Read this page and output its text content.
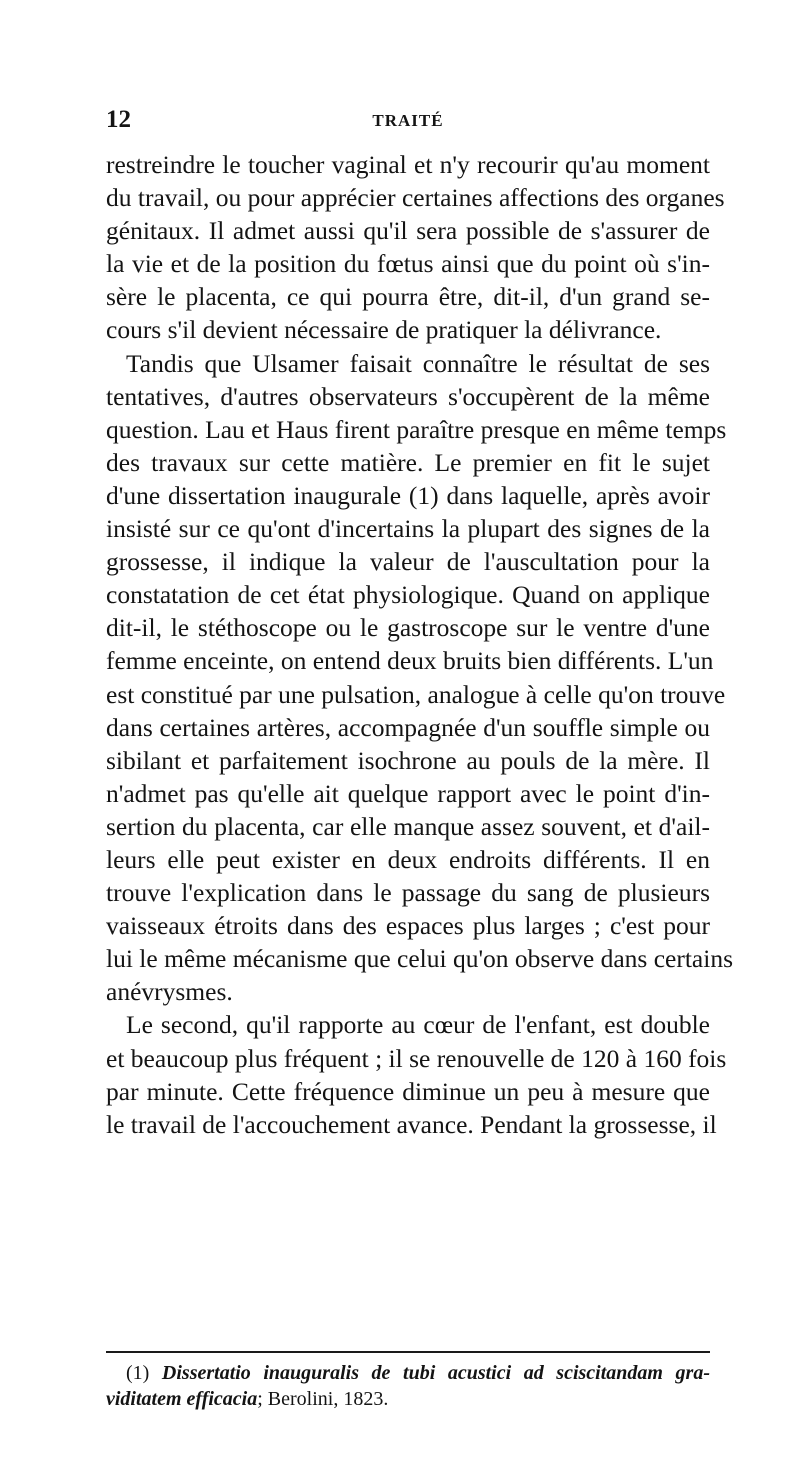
12	TRAITÉ
restreindre le toucher vaginal et n'y recourir qu'au moment
du travail, ou pour apprécier certaines affections des organes
génitaux. Il admet aussi qu'il sera possible de s'assurer de
la vie et de la position du fœtus ainsi que du point où s'in-
sère le placenta, ce qui pourra être, dit-il, d'un grand se-
cours s'il devient nécessaire de pratiquer la délivrance.
Tandis que Ulsamer faisait connaître le résultat de ses
tentatives, d'autres observateurs s'occupèrent de la même
question. Lau et Haus firent paraître presque en même temps
des travaux sur cette matière. Le premier en fit le sujet
d'une dissertation inaugurale (1) dans laquelle, après avoir
insisté sur ce qu'ont d'incertains la plupart des signes de la
grossesse, il indique la valeur de l'auscultation pour la
constatation de cet état physiologique. Quand on applique
dit-il, le stéthoscope ou le gastroscope sur le ventre d'une
femme enceinte, on entend deux bruits bien différents. L'un
est constitué par une pulsation, analogue à celle qu'on trouve
dans certaines artères, accompagnée d'un souffle simple ou
sibilant et parfaitement isochrone au pouls de la mère. Il
n'admet pas qu'elle ait quelque rapport avec le point d'in-
sertion du placenta, car elle manque assez souvent, et d'ail-
leurs elle peut exister en deux endroits différents. Il en
trouve l'explication dans le passage du sang de plusieurs
vaisseaux étroits dans des espaces plus larges ; c'est pour
lui le même mécanisme que celui qu'on observe dans certains
anévrysmes.
Le second, qu'il rapporte au cœur de l'enfant, est double
et beaucoup plus fréquent ; il se renouvelle de 120 à 160 fois
par minute. Cette fréquence diminue un peu à mesure que
le travail de l'accouchement avance. Pendant la grossesse, il
(1) Dissertatio inauguralis de tubi acustici ad sciscitandam gra-
viditatem efficacia; Berolini, 1823.
